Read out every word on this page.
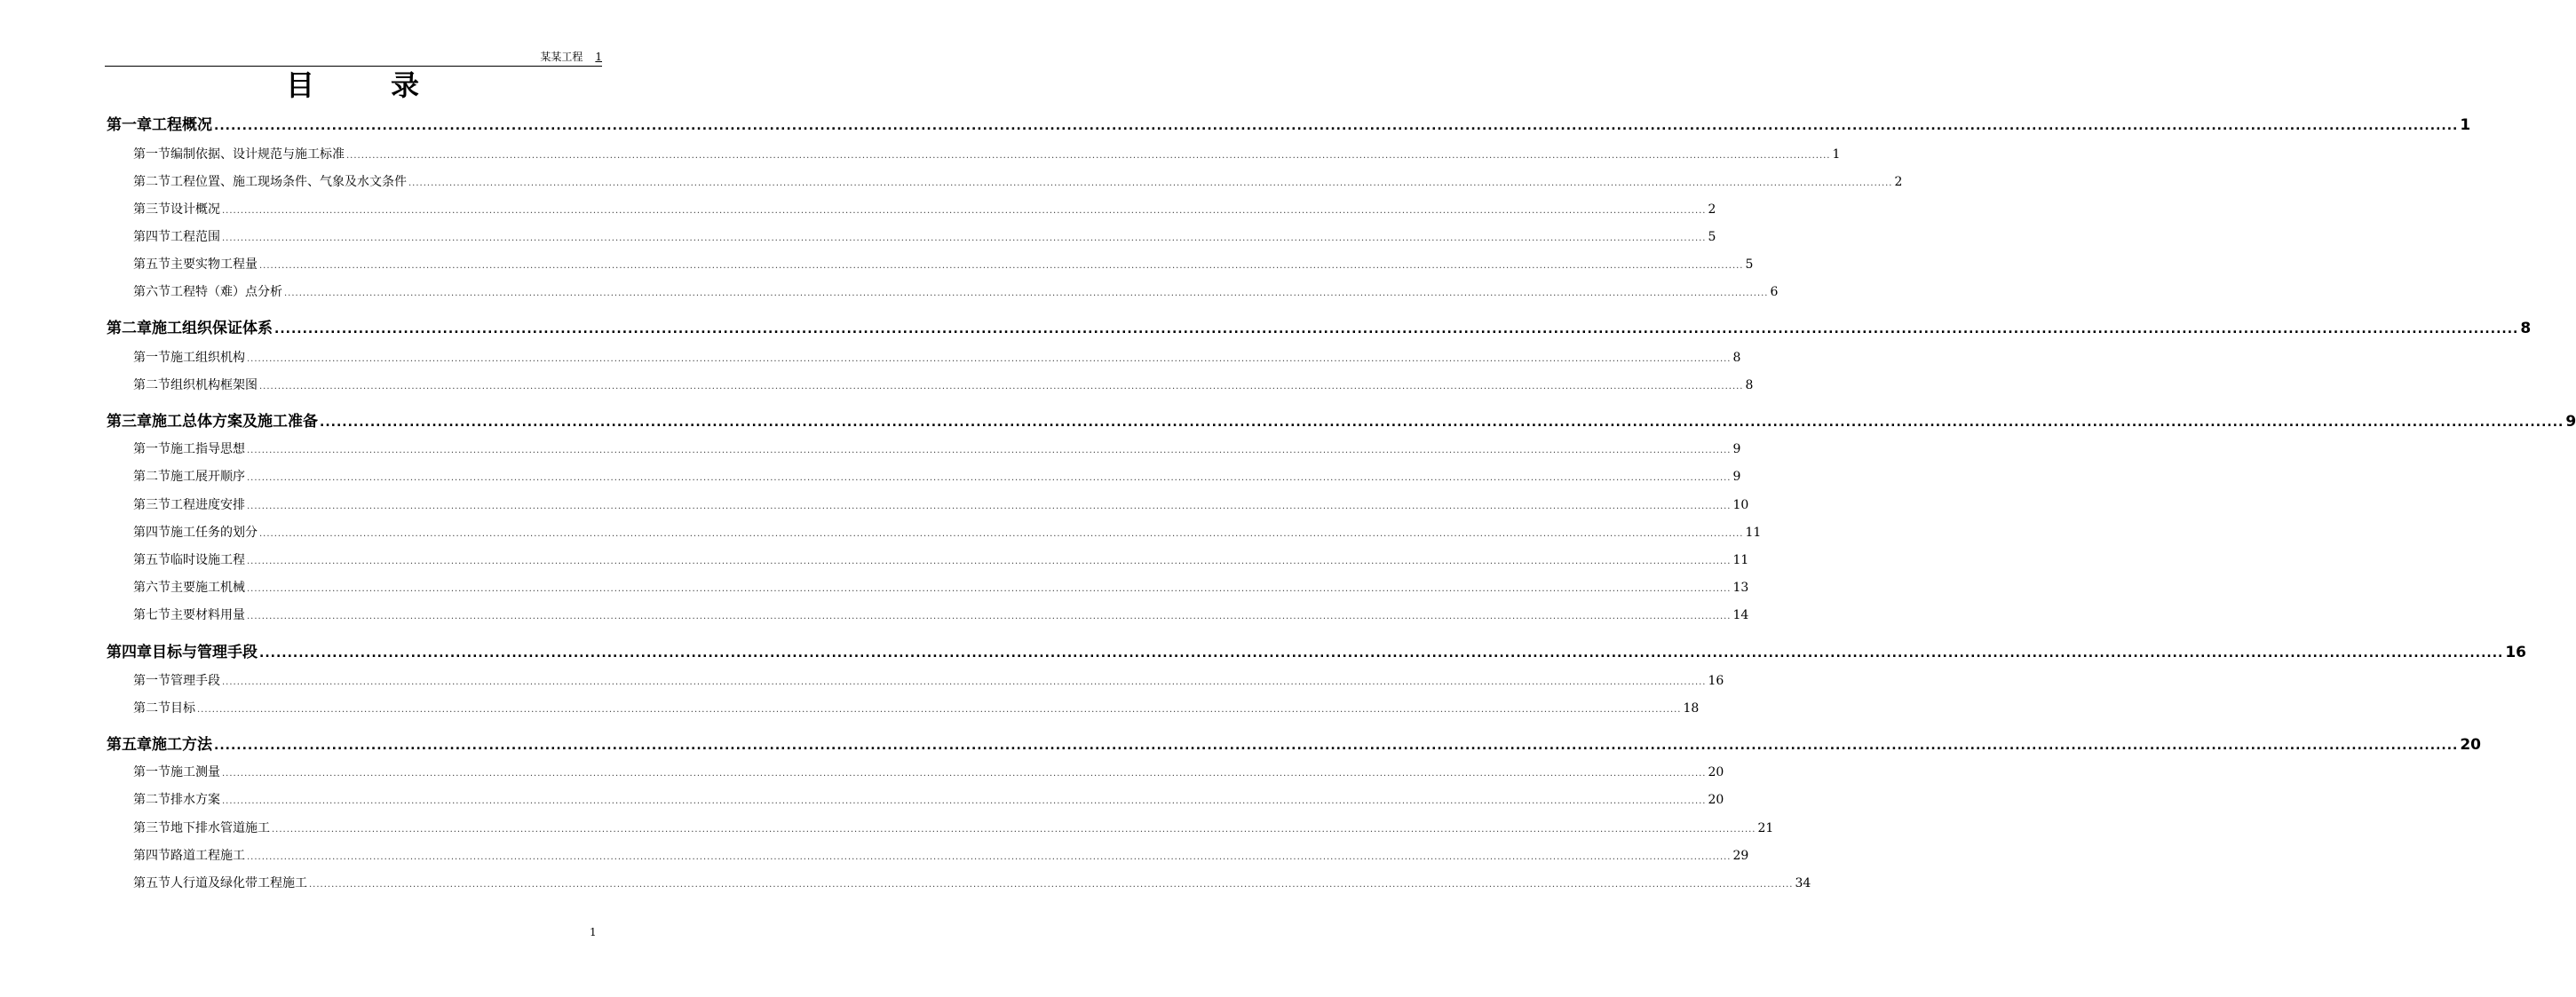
某某工程 1
目	录
第一章 工程概况 ................................................................................................................................................................................................................................................................................................................................................................................................................ 1
第一节 编制依据、设计规范与施工标准 ................................................................................................................................................................................................................................................................................................................................................................................................................ 1
第二节 工程位置、施工现场条件、气象及水文条件 ................................................................................................................................................................................................................................................................................................................................................................................................................ 2
第三节 设计概况 ................................................................................................................................................................................................................................................................................................................................................................................................................ 2
第四节 工程范围 ................................................................................................................................................................................................................................................................................................................................................................................................................ 5
第五节 主要实物工程量 ................................................................................................................................................................................................................................................................................................................................................................................................................ 5
第六节 工程特（难）点分析 ................................................................................................................................................................................................................................................................................................................................................................................................................ 6
第二章 施工组织保证体系 ................................................................................................................................................................................................................................................................................................................................................................................................................ 8
第一节 施工组织机构 ................................................................................................................................................................................................................................................................................................................................................................................................................ 8
第二节 组织机构框架图 ................................................................................................................................................................................................................................................................................................................................................................................................................ 8
第三章 施工总体方案及施工准备 ................................................................................................................................................................................................................................................................................................................................................................................................................ 9
第一节 施工指导思想 ................................................................................................................................................................................................................................................................................................................................................................................................................ 9
第二节 施工展开顺序 ................................................................................................................................................................................................................................................................................................................................................................................................................ 9
第三节 工程进度安排 ................................................................................................................................................................................................................................................................................................................................................................................................................ 10
第四节 施工任务的划分 ................................................................................................................................................................................................................................................................................................................................................................................................................ 11
第五节 临时设施工程 ................................................................................................................................................................................................................................................................................................................................................................................................................ 11
第六节 主要施工机械 ................................................................................................................................................................................................................................................................................................................................................................................................................ 13
第七节 主要材料用量 ................................................................................................................................................................................................................................................................................................................................................................................................................ 14
第四章 目标与管理手段 ................................................................................................................................................................................................................................................................................................................................................................................................................ 16
第一节 管理手段 ................................................................................................................................................................................................................................................................................................................................................................................................................ 16
第二节 目标 ................................................................................................................................................................................................................................................................................................................................................................................................................ 18
第五章 施工方法 ................................................................................................................................................................................................................................................................................................................................................................................................................ 20
第一节 施工测量 ................................................................................................................................................................................................................................................................................................................................................................................................................ 20
第二节 排水方案 ................................................................................................................................................................................................................................................................................................................................................................................................................ 20
第三节 地下排水管道施工 ................................................................................................................................................................................................................................................................................................................................................................................................................ 21
第四节 路道工程施工 ................................................................................................................................................................................................................................................................................................................................................................................................................ 29
第五节 人行道及绿化带工程施工 ................................................................................................................................................................................................................................................................................................................................................................................................................ 34
1
